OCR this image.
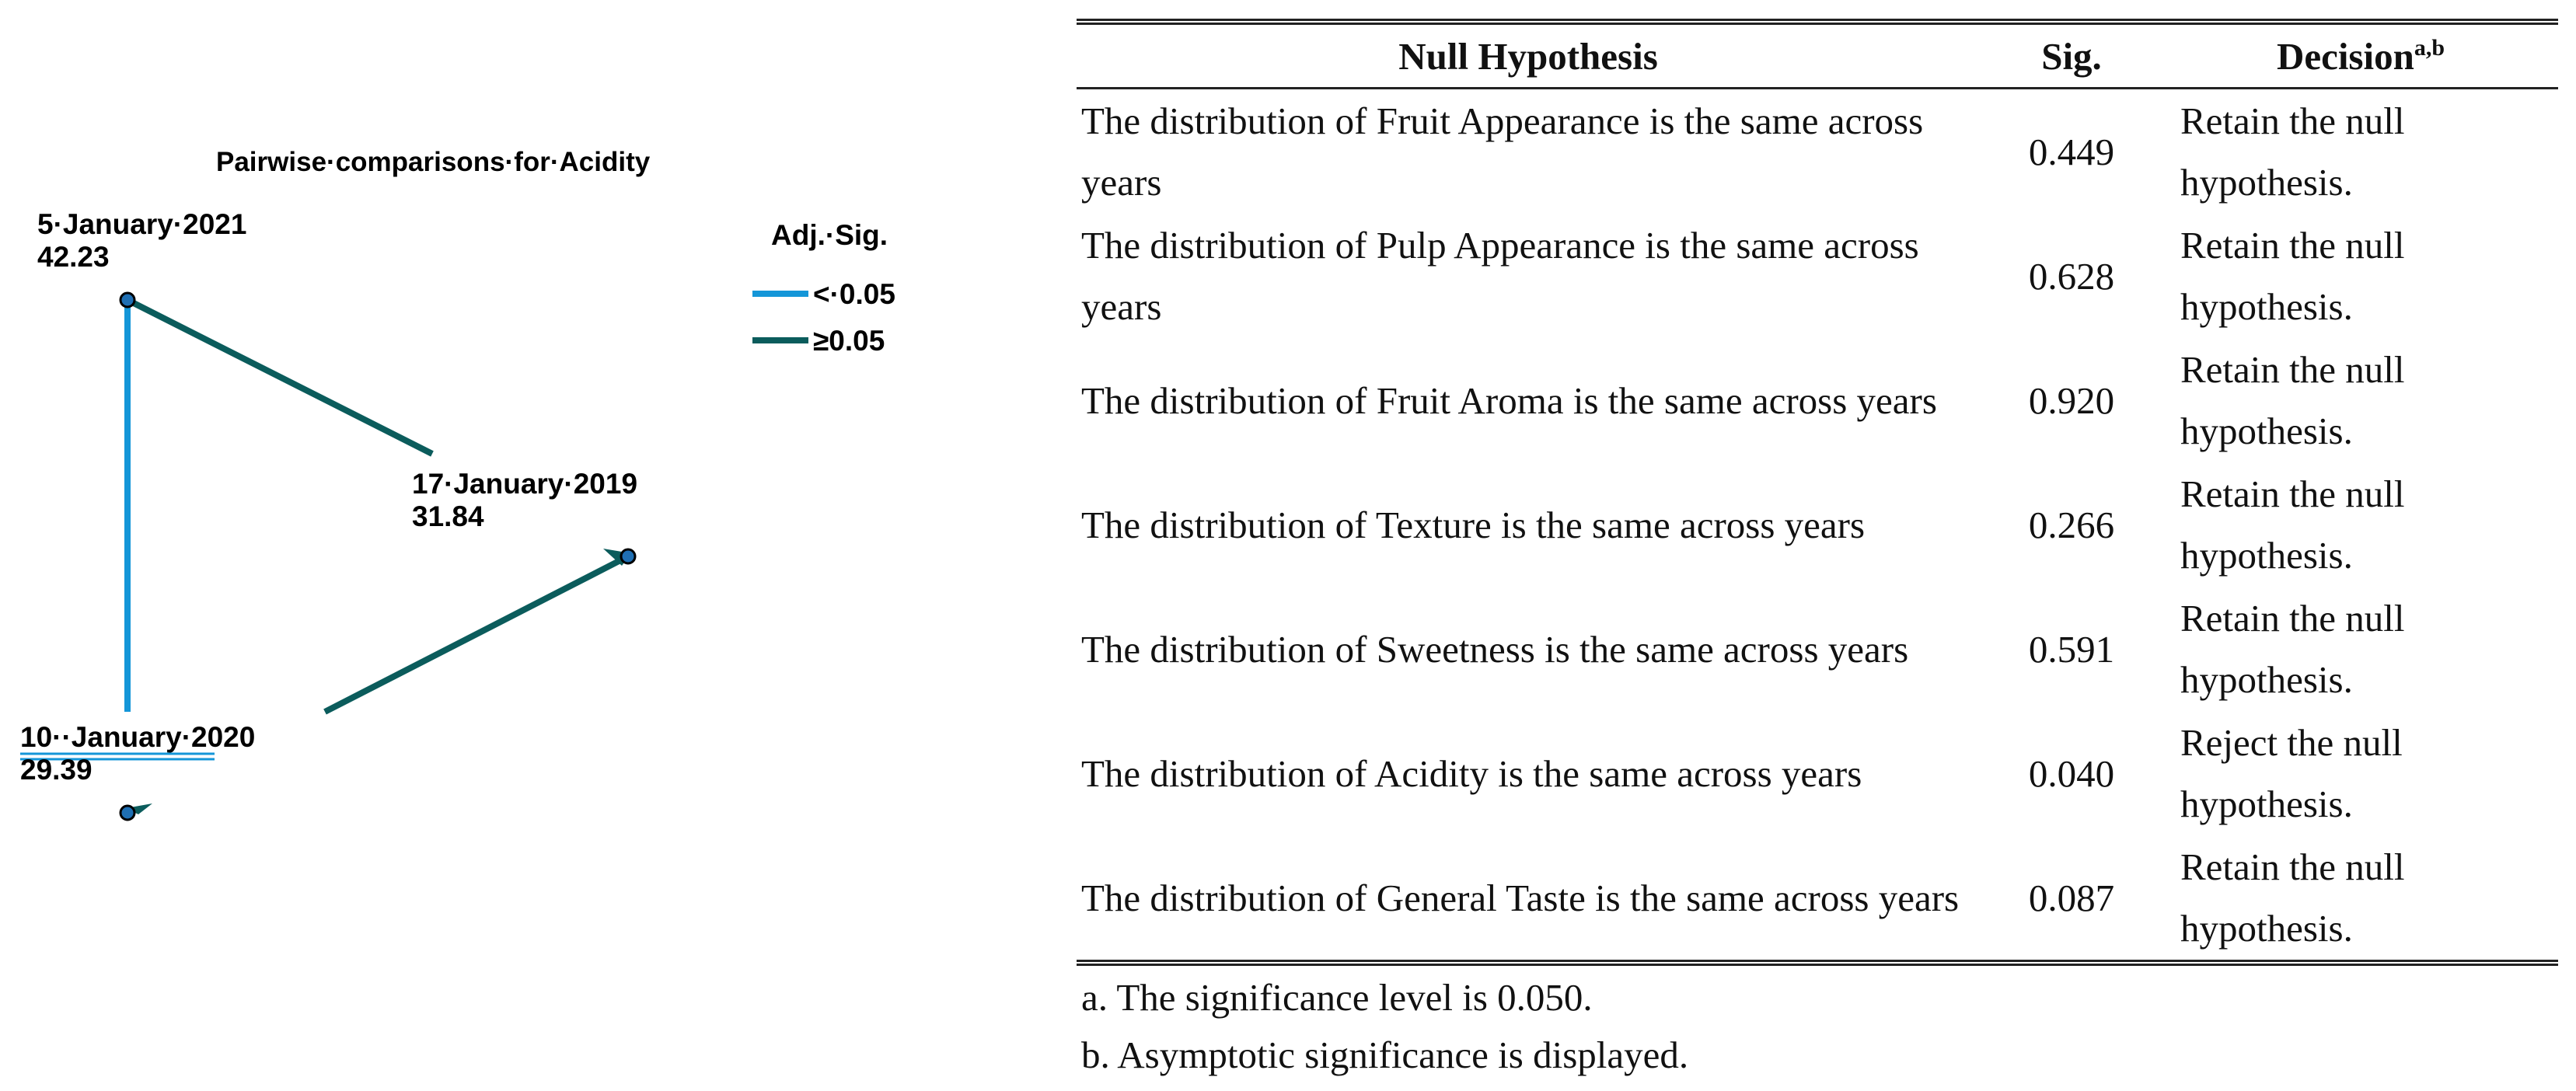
Pairwise·comparisons·for·Acidity
5·January·2021
42.23
17·January·2019
31.84
10··January·2020
29.39
Adj.·Sig.
<·0.05
≥0.05
Null Hypothesis	Sig.	Decision$^{a,b}$
The distribution of Fruit Appearance is the same across years	0.449	Retain the null hypothesis.
The distribution of Pulp Appearance is the same across years	0.628	Retain the null hypothesis.
The distribution of Fruit Aroma is the same across years	0.920	Retain the null hypothesis.
The distribution of Texture is the same across years	0.266	Retain the null hypothesis.
The distribution of Sweetness is the same across years	0.591	Retain the null hypothesis.
The distribution of Acidity is the same across years	0.040	Reject the null hypothesis.
The distribution of General Taste is the same across years	0.087	Retain the null hypothesis.
a. The significance level is 0.050.
b. Asymptotic significance is displayed.
